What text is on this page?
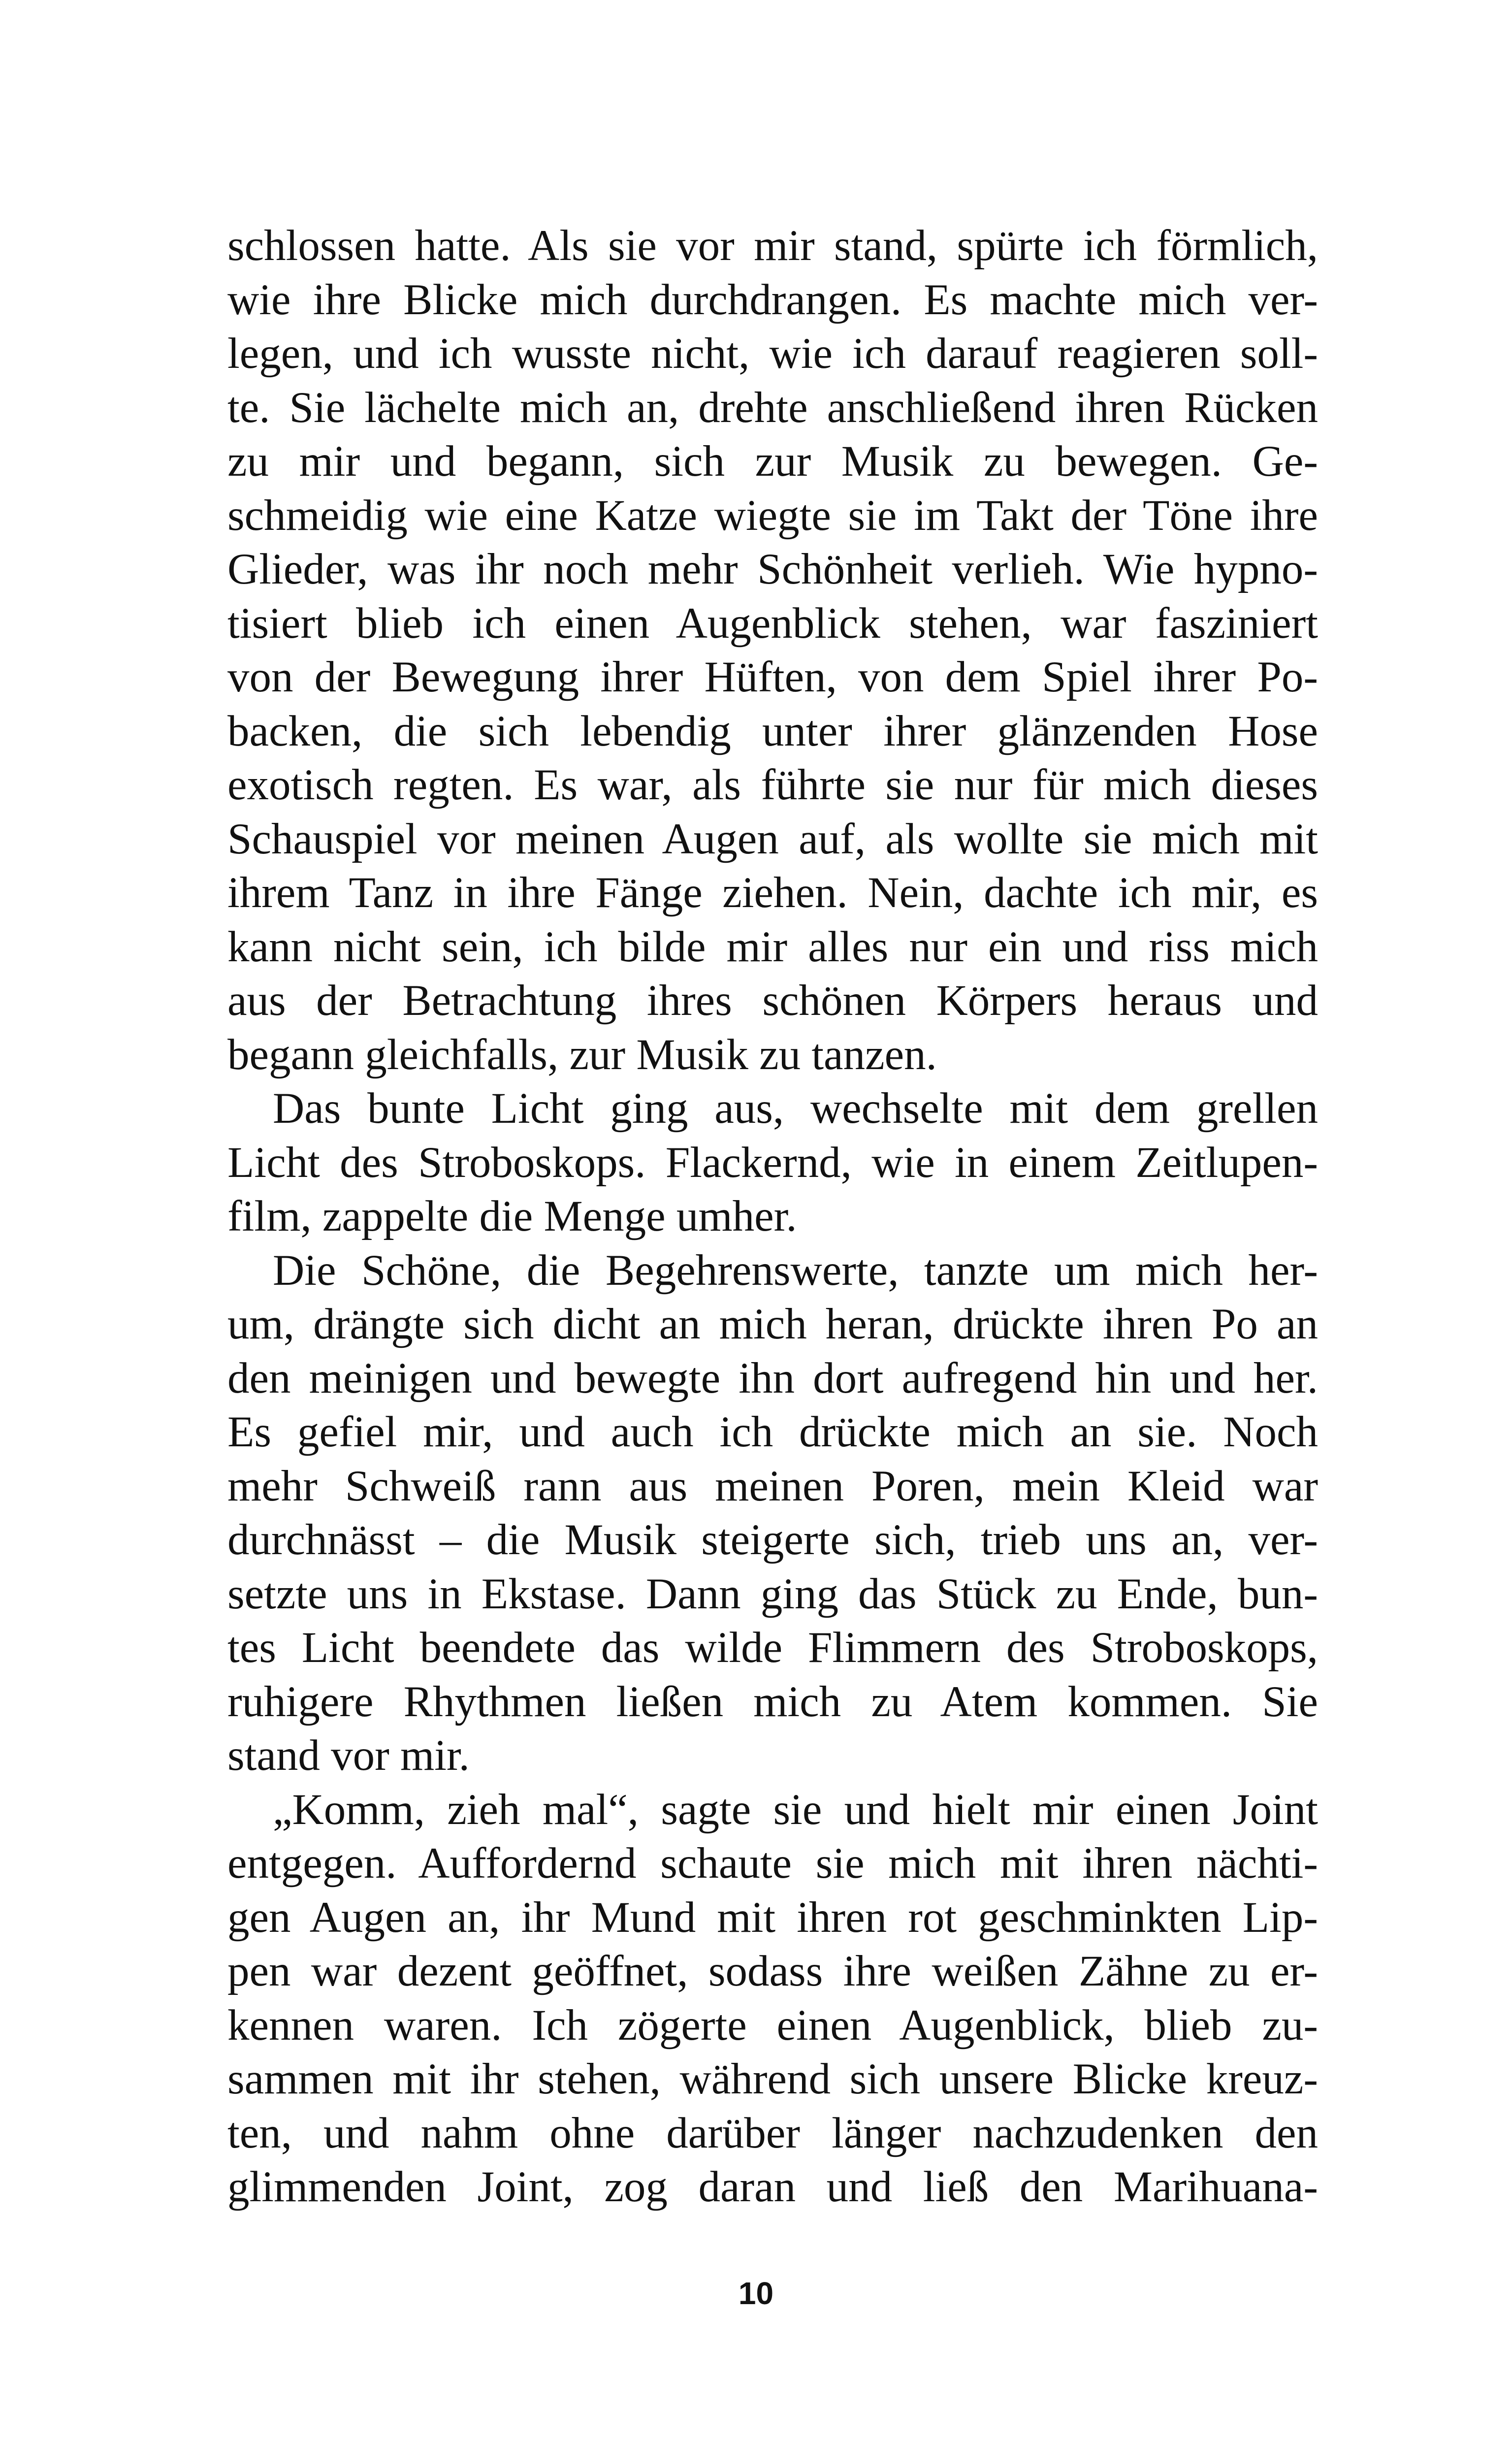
schlossen hatte. Als sie vor mir stand, spürte ich förmlich,
wie ihre Blicke mich durchdrangen. Es machte mich ver-
legen, und ich wusste nicht, wie ich darauf reagieren soll-
te. Sie lächelte mich an, drehte anschließend ihren Rücken
zu mir und begann, sich zur Musik zu bewegen. Ge-
schmeidig wie eine Katze wiegte sie im Takt der Töne ihre
Glieder, was ihr noch mehr Schönheit verlieh. Wie hypno-
tisiert blieb ich einen Augenblick stehen, war fasziniert
von der Bewegung ihrer Hüften, von dem Spiel ihrer Po-
backen, die sich lebendig unter ihrer glänzenden Hose
exotisch regten. Es war, als führte sie nur für mich dieses
Schauspiel vor meinen Augen auf, als wollte sie mich mit
ihrem Tanz in ihre Fänge ziehen. Nein, dachte ich mir, es
kann nicht sein, ich bilde mir alles nur ein und riss mich
aus der Betrachtung ihres schönen Körpers heraus und
begann gleichfalls, zur Musik zu tanzen.
Das bunte Licht ging aus, wechselte mit dem grellen
Licht des Stroboskops. Flackernd, wie in einem Zeitlupen-
film, zappelte die Menge umher.
Die Schöne, die Begehrenswerte, tanzte um mich her-
um, drängte sich dicht an mich heran, drückte ihren Po an
den meinigen und bewegte ihn dort aufregend hin und her.
Es gefiel mir, und auch ich drückte mich an sie. Noch
mehr Schweiß rann aus meinen Poren, mein Kleid war
durchnässt – die Musik steigerte sich, trieb uns an, ver-
setzte uns in Ekstase. Dann ging das Stück zu Ende, bun-
tes Licht beendete das wilde Flimmern des Stroboskops,
ruhigere Rhythmen ließen mich zu Atem kommen. Sie
stand vor mir.
„Komm, zieh mal“, sagte sie und hielt mir einen Joint
entgegen. Auffordernd schaute sie mich mit ihren nächti-
gen Augen an, ihr Mund mit ihren rot geschminkten Lip-
pen war dezent geöffnet, sodass ihre weißen Zähne zu er-
kennen waren. Ich zögerte einen Augenblick, blieb zu-
sammen mit ihr stehen, während sich unsere Blicke kreuz-
ten, und nahm ohne darüber länger nachzudenken den
glimmenden Joint, zog daran und ließ den Marihuana-
10
